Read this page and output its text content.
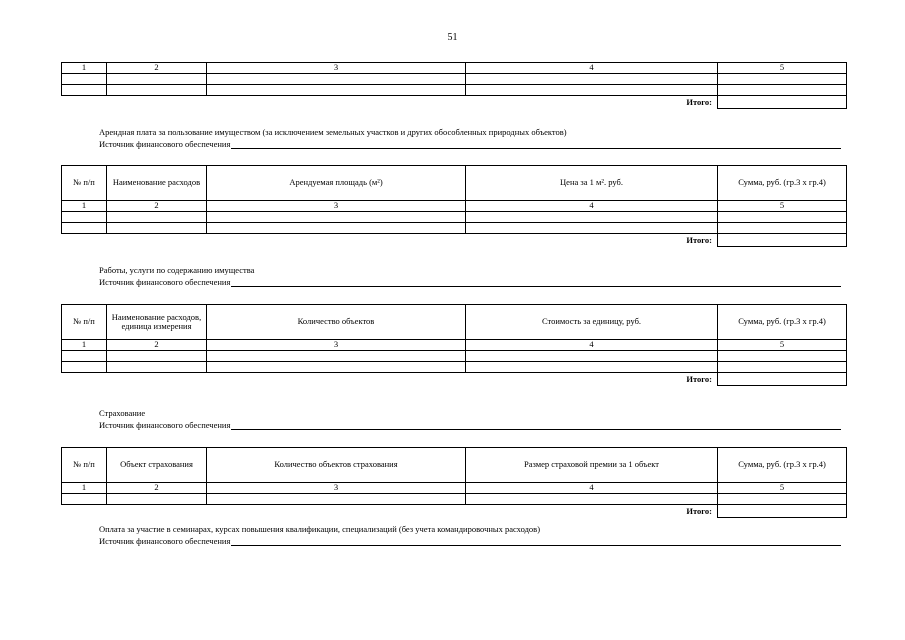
51
1	2	3	4	5

Итого:				
Арендная плата за пользование имуществом (за исключением земельных участков и других обособленных природных объектов)
Источник финансового обеспечения
№ п/п	Наименование расходов	Арендуемая площадь (м²)	Цена за 1 м². руб.	Сумма, руб. (гр.3 х гр.4)
1	2	3	4	5

Итого:				
Работы, услуги по содержанию имущества
Источник финансового обеспечения
№ п/п	Наименование расходов, единица измерения	Количество объектов	Стоимость за единицу, руб.	Сумма, руб. (гр.3 х гр.4)
1	2	3	4	5

Итого:				
Страхование
Источник финансового обеспечения
№ п/п	Объект страхования	Количество объектов страхования	Размер страховой премии за 1 объект	Сумма, руб. (гр.3 х гр.4)
1	2	3	4	5

Итого:				
Оплата за участие в семинарах, курсах повышения квалификации, специализаций (без учета командировочных расходов)
Источник финансового обеспечения
